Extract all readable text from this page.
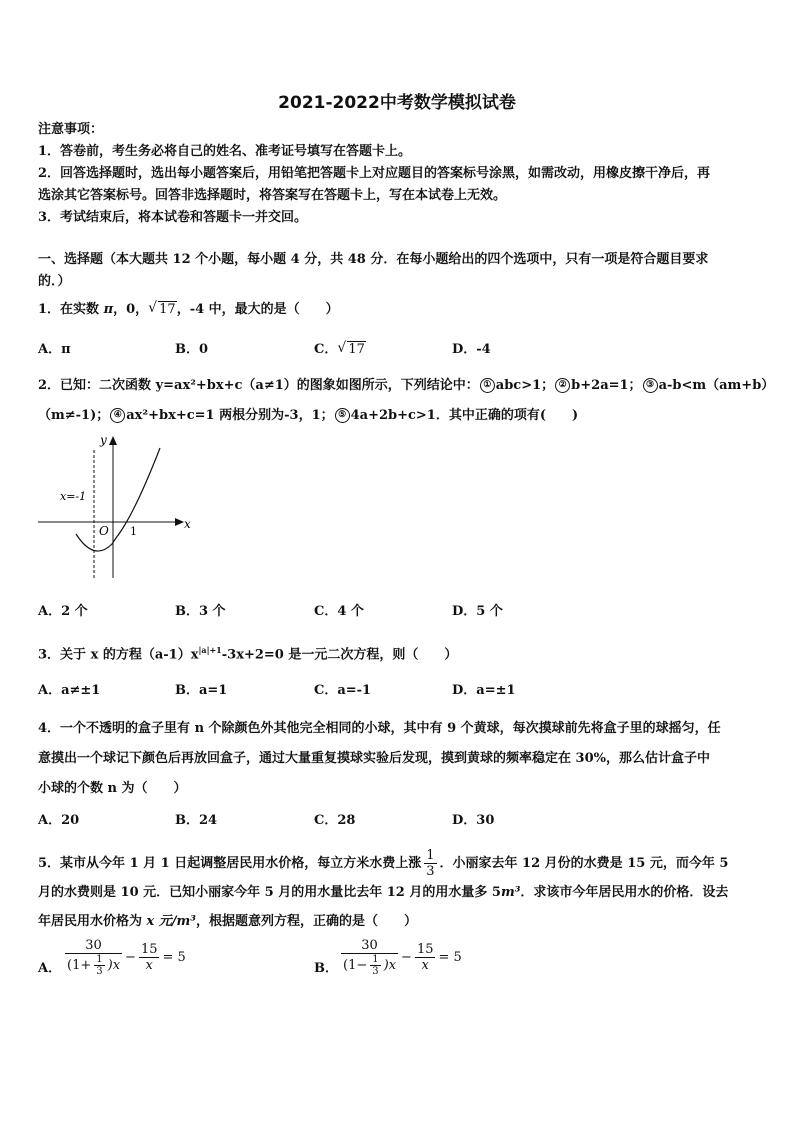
2021-2022中考数学模拟试卷
注意事项：
1．答卷前，考生务必将自己的姓名、准考证号填写在答题卡上。
2．回答选择题时，选出每小题答案后，用铅笔把答题卡上对应题目的答案标号涂黑，如需改动，用橡皮擦干净后，再
选涂其它答案标号。回答非选择题时，将答案写在答题卡上，写在本试卷上无效。
3．考试结束后，将本试卷和答题卡一并交回。
一、选择题（本大题共 12 个小题，每小题 4 分，共 48 分．在每小题给出的四个选项中，只有一项是符合题目要求
的．）
1．在实数 π，0， √ 17，-4 中，最大的是（　　）
A．π	B．0	C． √ 17	D．-4
2．已知：二次函数 y=ax²+bx+c（a≠1）的图象如图所示，下列结论中： ① abc>1； ② b+2a=1； ③ a-b<m（am+b）
（m≠-1)； ④ ax²+bx+c=1 两根分别为-3，1； ⑤ 4a+2b+c>1．其中正确的项有(　　)
y
x
O 1
x=-1
A．2 个	B．3 个	C．4 个	D．5 个
3．关于 x 的方程$(a-1)x^{|a|+1}-3x+2=0$ 是一元二次方程，则（　　）
A．a≠±1	B．a=1	C．a=-1	D．a=±1
4．一个不透明的盒子里有 n 个除颜色外其他完全相同的小球，其中有 9 个黄球，每次摸球前先将盒子里的球摇匀，任
意摸出一个球记下颜色后再放回盒子，通过大量重复摸球实验后发现，摸到黄球的频率稳定在 30%，那么估计盒子中
小球的个数 n 为（　　）
A．20	B．24	C．28	D．30
5．某市从今年 1 月 1 日起调整居民用水价格，每立方米水费上涨 $\frac{1}{3}$ ．小丽家去年 12 月份的水费是 15 元，而今年 5
月的水费则是 10 元．已知小丽家今年 5 月的用水量比去年 12 月的用水量多 5m³．求该市今年居民用水的价格．设去
年居民用水价格为 x 元/m³，根据题意列方程，正确的是（　　）
A． $\frac{30}{(1+ \frac{1}{3} )x} - \frac{15}{x} = 5$
B． $\frac{30}{(1- \frac{1}{3} )x} - \frac{15}{x} = 5$
